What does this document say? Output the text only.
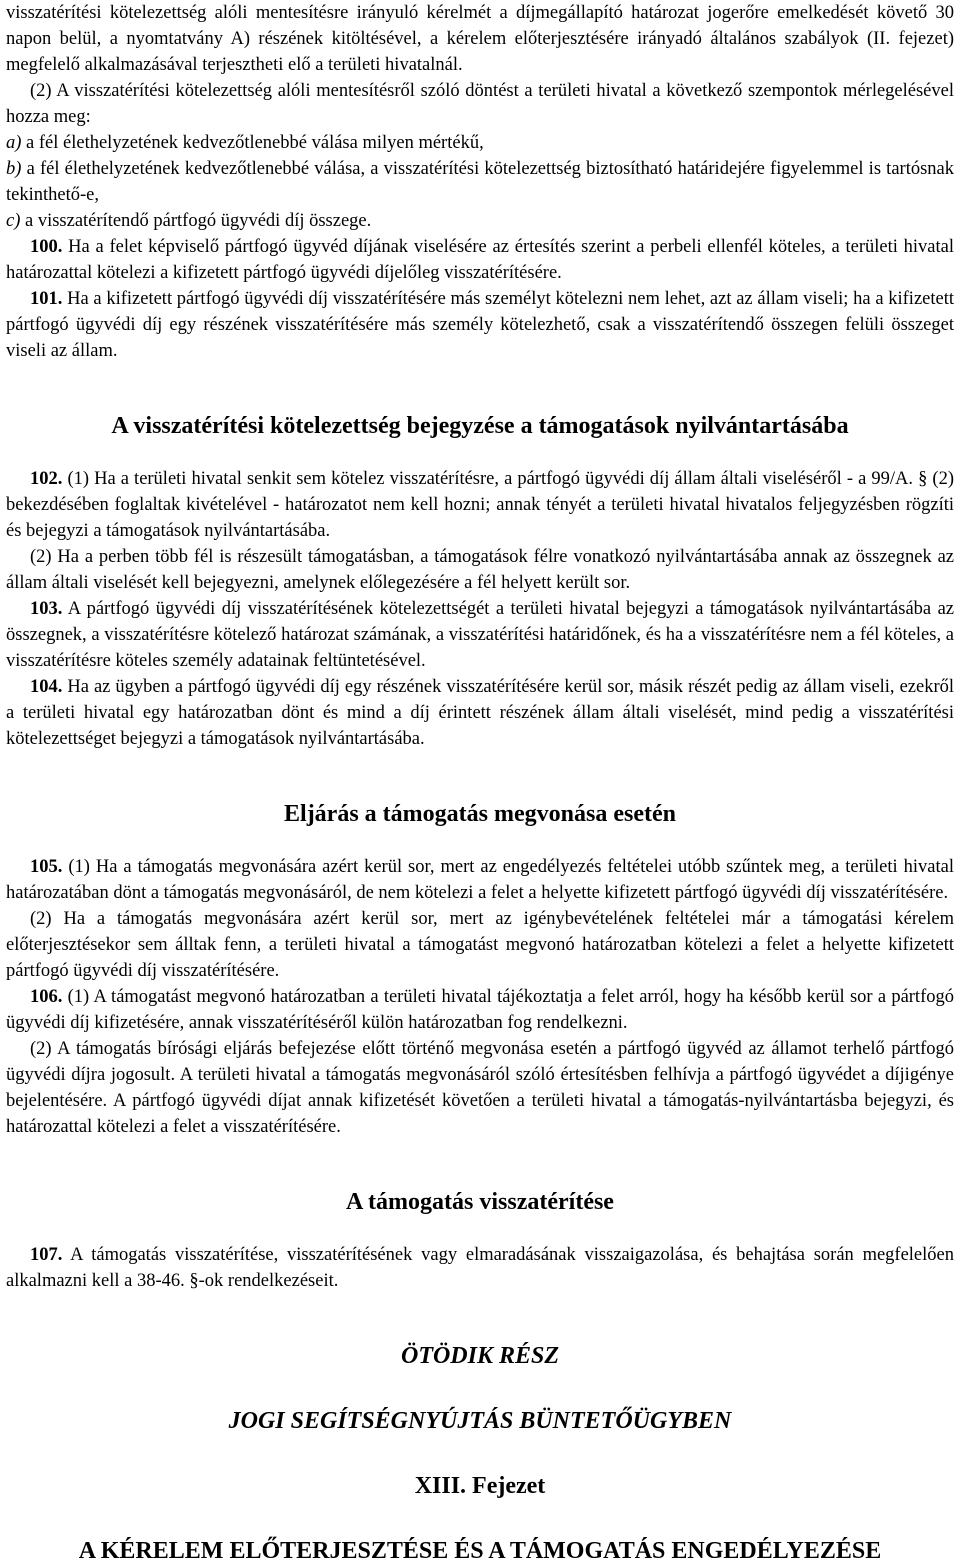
visszatérítési kötelezettség alóli mentesítésre irányuló kérelmét a díjmegállapító határozat jogerőre emelkedését követő 30 napon belül, a nyomtatvány A) részének kitöltésével, a kérelem előterjesztésére irányadó általános szabályok (II. fejezet) megfelelő alkalmazásával terjesztheti elő a területi hivatalnál.

(2) A visszatérítési kötelezettség alóli mentesítésről szóló döntést a területi hivatal a következő szempontok mérlegelésével hozza meg:

a) a fél élethelyzetének kedvezőtlenebbé válása milyen mértékű,

b) a fél élethelyzetének kedvezőtlenebbé válása, a visszatérítési kötelezettség biztosítható határidejére figyelemmel is tartósnak tekinthető-e,

c) a visszatérítendő pártfogó ügyvédi díj összege.

100. Ha a felet képviselő pártfogó ügyvéd díjának viselésére az értesítés szerint a perbeli ellenfél köteles, a területi hivatal határozattal kötelezi a kifizetett pártfogó ügyvédi díjelőleg visszatérítésére.

101. Ha a kifizetett pártfogó ügyvédi díj visszatérítésére más személyt kötelezni nem lehet, azt az állam viseli; ha a kifizetett pártfogó ügyvédi díj egy részének visszatérítésére más személy kötelezhető, csak a visszatérítendő összegen felüli összeget viseli az állam.

A visszatérítési kötelezettség bejegyzése a támogatások nyilvántartásába

102. (1) Ha a területi hivatal senkit sem kötelez visszatérítésre, a pártfogó ügyvédi díj állam általi viseléséről - a 99/A. § (2) bekezdésében foglaltak kivételével - határozatot nem kell hozni; annak tényét a területi hivatal hivatalos feljegyzésben rögzíti és bejegyzi a támogatások nyilvántartásába.

(2) Ha a perben több fél is részesült támogatásban, a támogatások félre vonatkozó nyilvántartásába annak az összegnek az állam általi viselését kell bejegyezni, amelynek előlegezésére a fél helyett került sor.

103. A pártfogó ügyvédi díj visszatérítésének kötelezettségét a területi hivatal bejegyzi a támogatások nyilvántartásába az összegnek, a visszatérítésre kötelező határozat számának, a visszatérítési határidőnek, és ha a visszatérítésre nem a fél köteles, a visszatérítésre köteles személy adatainak feltüntetésével.

104. Ha az ügyben a pártfogó ügyvédi díj egy részének visszatérítésére kerül sor, másik részét pedig az állam viseli, ezekről a területi hivatal egy határozatban dönt és mind a díj érintett részének állam általi viselését, mind pedig a visszatérítési kötelezettséget bejegyzi a támogatások nyilvántartásába.

Eljárás a támogatás megvonása esetén

105. (1) Ha a támogatás megvonására azért kerül sor, mert az engedélyezés feltételei utóbb szűntek meg, a területi hivatal határozatában dönt a támogatás megvonásáról, de nem kötelezi a felet a helyette kifizetett pártfogó ügyvédi díj visszatérítésére.

(2) Ha a támogatás megvonására azért kerül sor, mert az igénybevételének feltételei már a támogatási kérelem előterjesztésekor sem álltak fenn, a területi hivatal a támogatást megvonó határozatban kötelezi a felet a helyette kifizetett pártfogó ügyvédi díj visszatérítésére.

106. (1) A támogatást megvonó határozatban a területi hivatal tájékoztatja a felet arról, hogy ha később kerül sor a pártfogó ügyvédi díj kifizetésére, annak visszatérítéséről külön határozatban fog rendelkezni.

(2) A támogatás bírósági eljárás befejezése előtt történő megvonása esetén a pártfogó ügyvéd az államot terhelő pártfogó ügyvédi díjra jogosult. A területi hivatal a támogatás megvonásáról szóló értesítésben felhívja a pártfogó ügyvédet a díjigénye bejelentésére. A pártfogó ügyvédi díjat annak kifizetését követően a területi hivatal a támogatás-nyilvántartásba bejegyzi, és határozattal kötelezi a felet a visszatérítésére.

A támogatás visszatérítése

107. A támogatás visszatérítése, visszatérítésének vagy elmaradásának visszaigazolása, és behajtása során megfelelően alkalmazni kell a 38-46. §-ok rendelkezéseit.

ÖTÖDIK RÉSZ
JOGI SEGÍTSÉGNYÚJTÁS BÜNTETŐÜGYBEN
XIII. Fejezet
A KÉRELEM ELŐTERJESZTÉSE ÉS A TÁMOGATÁS ENGEDÉLYEZÉSE
